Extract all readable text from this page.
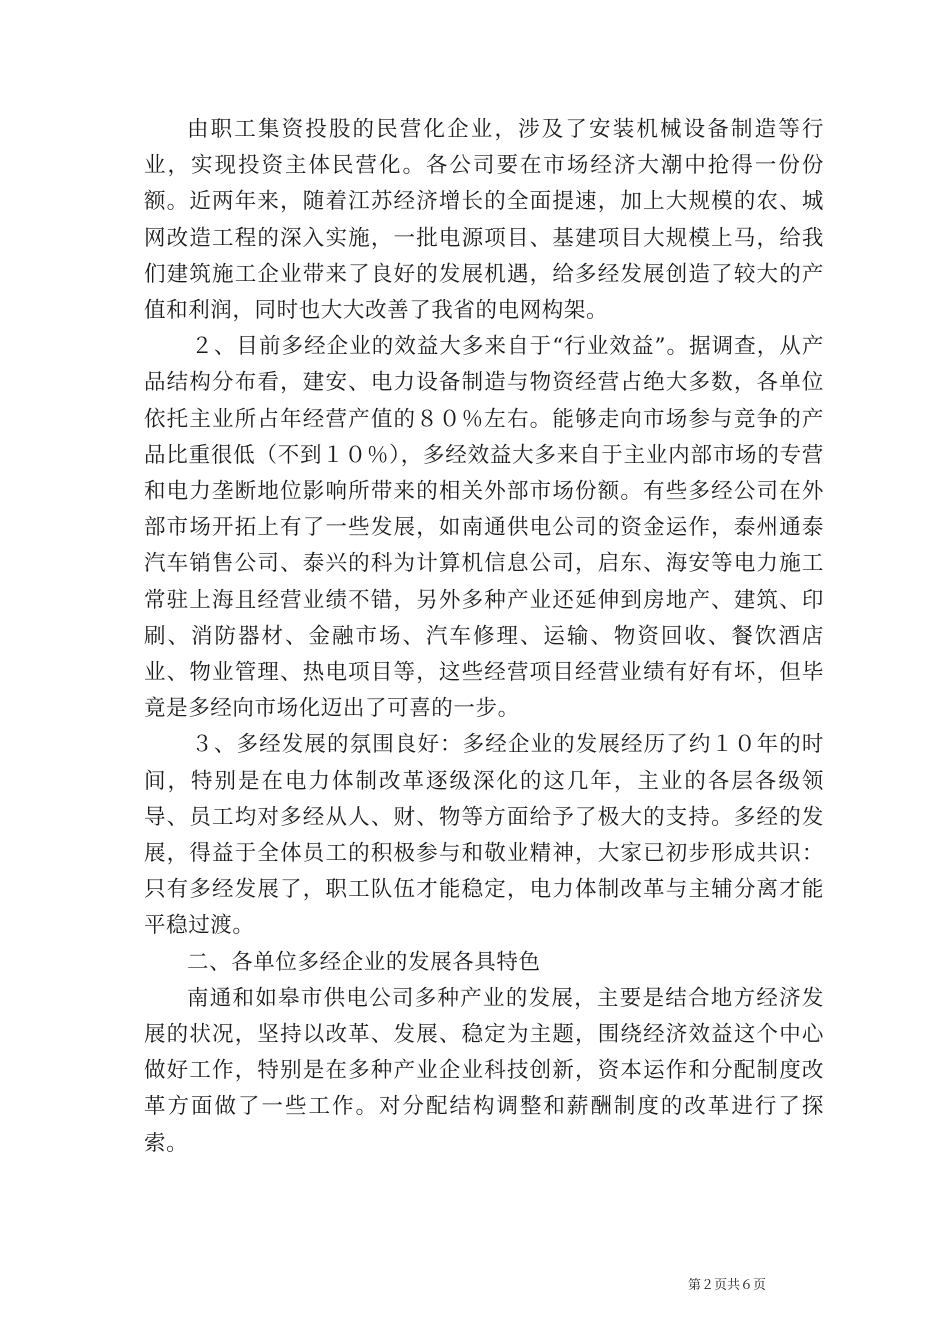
由职工集资投股的民营化企业，涉及了安装机械设备制造等行业，实现投资主体民营化。各公司要在市场经济大潮中抢得一份份额。近两年来，随着江苏经济增长的全面提速，加上大规模的农、城网改造工程的深入实施，一批电源项目、基建项目大规模上马，给我们建筑施工企业带来了良好的发展机遇，给多经发展创造了较大的产值和利润，同时也大大改善了我省的电网构架。

２、目前多经企业的效益大多来自于“行业效益”。据调查，从产品结构分布看，建安、电力设备制造与物资经营占绝大多数，各单位依托主业所占年经营产值的８０％左右。能够走向市场参与竞争的产品比重很低（不到１０％），多经效益大多来自于主业内部市场的专营和电力垄断地位影响所带来的相关外部市场份额。有些多经公司在外部市场开拓上有了一些发展，如南通供电公司的资金运作，泰州通泰汽车销售公司、泰兴的科为计算机信息公司，启东、海安等电力施工常驻上海且经营业绩不错，另外多种产业还延伸到房地产、建筑、印刷、消防器材、金融市场、汽车修理、运输、物资回收、餐饮酒店业、物业管理、热电项目等，这些经营项目经营业绩有好有坏，但毕竟是多经向市场化迈出了可喜的一步。

３、多经发展的氛围良好：多经企业的发展经历了约１０年的时间，特别是在电力体制改革逐级深化的这几年，主业的各层各级领导、员工均对多经从人、财、物等方面给予了极大的支持。多经的发展，得益于全体员工的积极参与和敬业精神，大家已初步形成共识：只有多经发展了，职工队伍才能稳定，电力体制改革与主辅分离才能平稳过渡。

二、各单位多经企业的发展各具特色

南通和如皋市供电公司多种产业的发展，主要是结合地方经济发展的状况，坚持以改革、发展、稳定为主题，围绕经济效益这个中心做好工作，特别是在多种产业企业科技创新，资本运作和分配制度改革方面做了一些工作。对分配结构调整和薪酬制度的改革进行了探索。

第２页共６页
